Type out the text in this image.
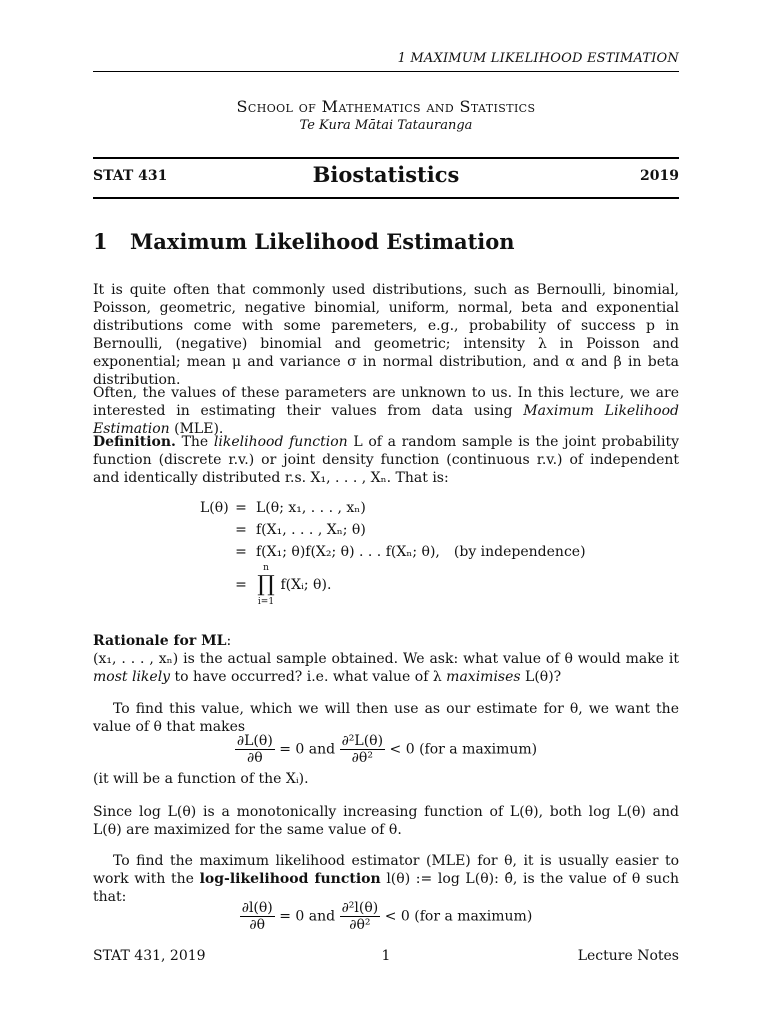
1 MAXIMUM LIKELIHOOD ESTIMATION
School of Mathematics and Statistics
Te Kura Mātai Tatauranga
STAT 431	Biostatistics	2019
1 Maximum Likelihood Estimation
It is quite often that commonly used distributions, such as Bernoulli, binomial, Poisson, geometric, negative binomial, uniform, normal, beta and exponential distributions come with some paremeters, e.g., probability of success p in Bernoulli, (negative) binomial and geometric; intensity λ in Poisson and exponential; mean μ and variance σ in normal distribution, and α and β in beta distribution.
Often, the values of these parameters are unknown to us. In this lecture, we are interested in estimating their values from data using Maximum Likelihood Estimation (MLE).
Definition. The likelihood function L of a random sample is the joint probability function (discrete r.v.) or joint density function (continuous r.v.) of independent and identically distributed r.s. X₁, . . . , Xₙ. That is:
L(θ) = L(θ; x₁, . . . , xₙ)
= f(X₁, . . . , Xₙ; θ)
= f(X₁; θ)f(X₂; θ) . . . f(Xₙ; θ), (by independence)
=
n
∏
i=1
f(Xᵢ; θ).
Rationale for ML:
(x₁, . . . , xₙ) is the actual sample obtained. We ask: what value of θ would make it most likely to have occurred? i.e. what value of λ maximises L(θ)?
To find this value, which we will then use as our estimate for θ, we want the value of θ that makes
$\frac{\partial L(\theta)}{\partial\theta} = 0$ and $\frac{\text{∂²L(θ)}}{\text{∂θ²}} < 0$ (for a maximum)
(it will be a function of the Xᵢ).
Since log L(θ) is a monotonically increasing function of L(θ), both log L(θ) and L(θ) are maximized for the same value of θ.
To find the maximum likelihood estimator (MLE) for θ, it is usually easier to work with the log-likelihood function l(θ) := log L(θ): θ̂, is the value of θ such that:
$\frac{\partial l(\theta)}{\partial\theta} = 0$ and $\frac{\text{∂²l(θ)}}{\text{∂θ²}} < 0$ (for a maximum)
STAT 431, 2019	1	Lecture Notes
